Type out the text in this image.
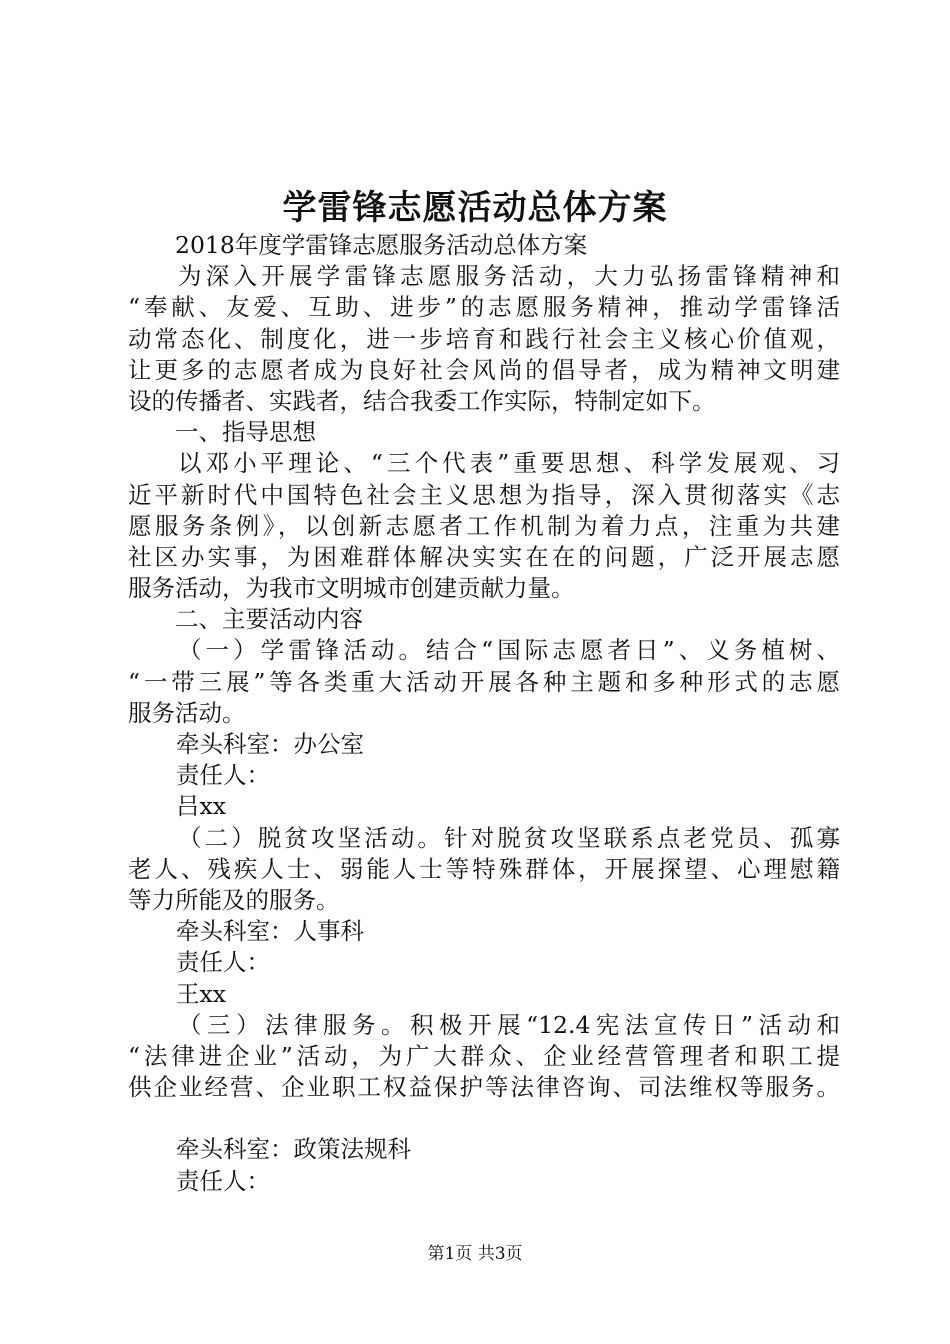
学雷锋志愿活动总体方案
2018年度学雷锋志愿服务活动总体方案
为深入开展学雷锋志愿服务活动，大力弘扬雷锋精神和
“奉献、友爱、互助、进步”的志愿服务精神，推动学雷锋活
动常态化、制度化，进一步培育和践行社会主义核心价值观，
让更多的志愿者成为良好社会风尚的倡导者，成为精神文明建
设的传播者、实践者，结合我委工作实际，特制定如下。
一、指导思想
以邓小平理论、“三个代表”重要思想、科学发展观、习
近平新时代中国特色社会主义思想为指导，深入贯彻落实《志
愿服务条例》，以创新志愿者工作机制为着力点，注重为共建
社区办实事，为困难群体解决实实在在的问题，广泛开展志愿
服务活动，为我市文明城市创建贡献力量。
二、主要活动内容
（一）学雷锋活动。结合“国际志愿者日”、义务植树、
“一带三展”等各类重大活动开展各种主题和多种形式的志愿
服务活动。
牵头科室：办公室
责任人：
吕xx
（二）脱贫攻坚活动。针对脱贫攻坚联系点老党员、孤寡
老人、残疾人士、弱能人士等特殊群体，开展探望、心理慰籍
等力所能及的服务。
牵头科室：人事科
责任人：
王xx
（三）法律服务。积极开展“12.4宪法宣传日”活动和
“法律进企业”活动，为广大群众、企业经营管理者和职工提
供企业经营、企业职工权益保护等法律咨询、司法维权等服务。
牵头科室：政策法规科
责任人：
第1页 共3页
